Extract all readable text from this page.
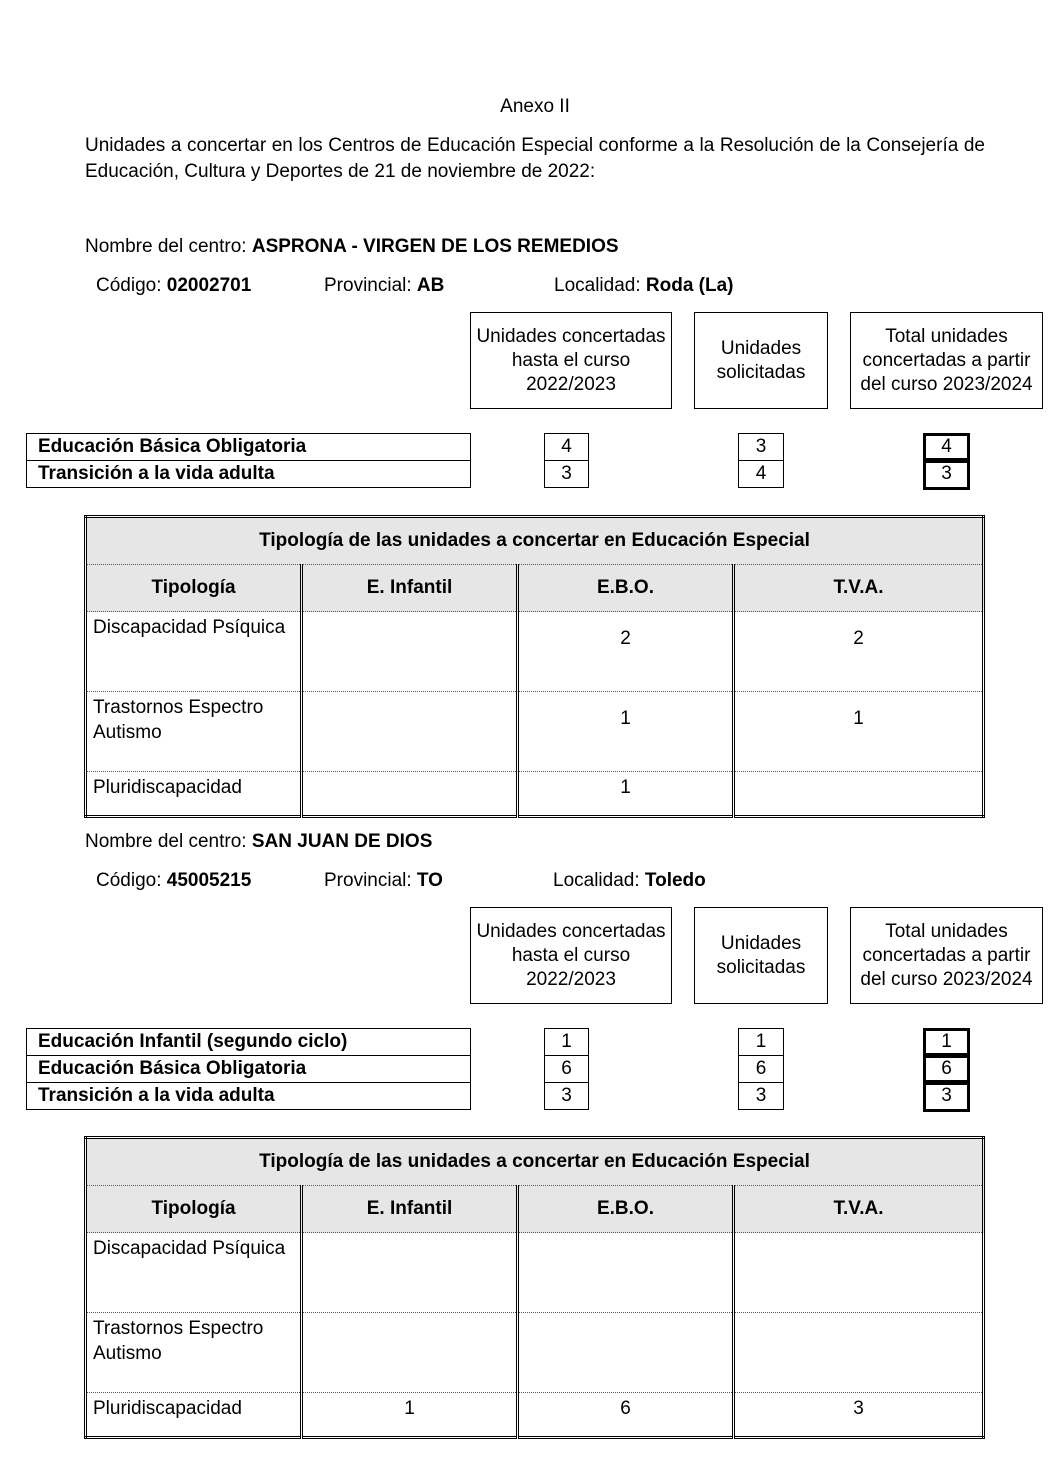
Anexo II
Unidades a concertar en los Centros de Educación Especial conforme a la Resolución de la Consejería de Educación, Cultura y Deportes de 21 de noviembre de 2022:
Nombre del centro: ASPRONA - VIRGEN DE LOS REMEDIOS
Código: 02002701	Provincial: AB	Localidad: Roda (La)
Unidades concertadas hasta el curso 2022/2023
Unidades solicitadas
Total unidades concertadas a partir del curso 2023/2024
Educación Básica Obligatoria	4	3	4
Transición a la vida adulta	3	4	3
Tipología de las unidades a concertar en Educación Especial			
Tipología	E. Infantil	E.B.O.	T.V.A.
Discapacidad Psíquica		2	2
Trastornos Espectro Autismo		1	1
Pluridiscapacidad		1	
Nombre del centro: SAN JUAN DE DIOS
Código: 45005215	Provincial: TO	Localidad: Toledo
Unidades concertadas hasta el curso 2022/2023
Unidades solicitadas
Total unidades concertadas a partir del curso 2023/2024
Educación Infantil (segundo ciclo)	1	1	1
Educación Básica Obligatoria	6	6	6
Transición a la vida adulta	3	3	3
Tipología de las unidades a concertar en Educación Especial			
Tipología	E. Infantil	E.B.O.	T.V.A.
Discapacidad Psíquica			
Trastornos Espectro Autismo			
Pluridiscapacidad	1	6	3
